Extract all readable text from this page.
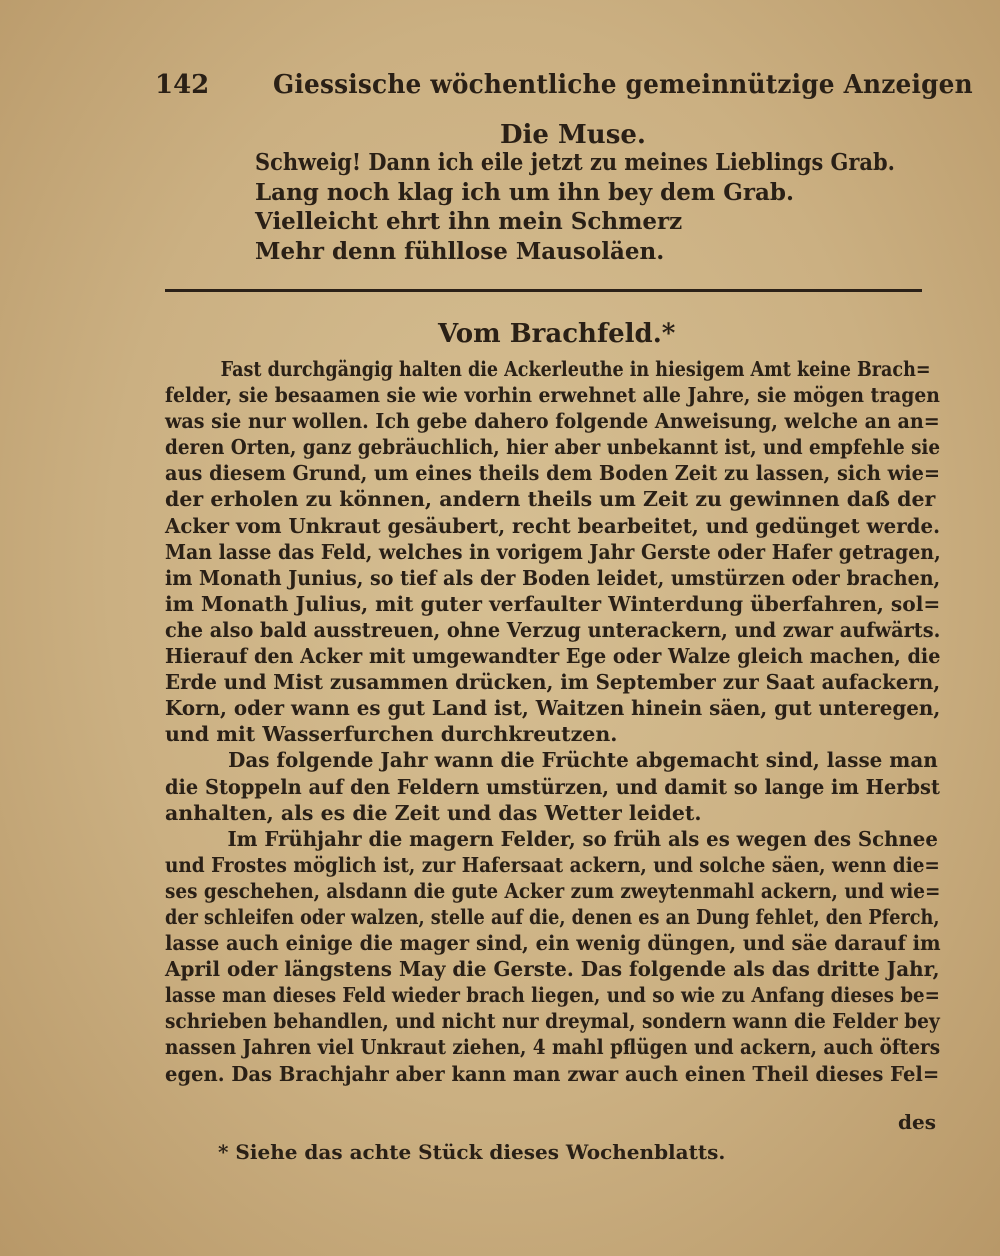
142 Giessische wöchentliche gemeinnützige Anzeigen
Die Muse.
Schweig! Dann ich eile jetzt zu meines Lieblings Grab.
Lang noch klag ich um ihn bey dem Grab.
Vielleicht ehrt ihn mein Schmerz
Mehr denn fühllose Mausoläen.
Vom Brachfeld.*
Fast durchgängig halten die Ackerleuthe in hiesigem Amt keine Brach=
felder, sie besaamen sie wie vorhin erwehnet alle Jahre, sie mögen tragen
was sie nur wollen. Ich gebe dahero folgende Anweisung, welche an an=
deren Orten, ganz gebräuchlich, hier aber unbekannt ist, und empfehle sie
aus diesem Grund, um eines theils dem Boden Zeit zu lassen, sich wie=
der erholen zu können, andern theils um Zeit zu gewinnen daß der
Acker vom Unkraut gesäubert, recht bearbeitet, und gedünget werde.
Man lasse das Feld, welches in vorigem Jahr Gerste oder Hafer getragen,
im Monath Junius, so tief als der Boden leidet, umstürzen oder brachen,
im Monath Julius, mit guter verfaulter Winterdung überfahren, sol=
che also bald ausstreuen, ohne Verzug unterackern, und zwar aufwärts.
Hierauf den Acker mit umgewandter Ege oder Walze gleich machen, die
Erde und Mist zusammen drücken, im September zur Saat aufackern,
Korn, oder wann es gut Land ist, Waitzen hinein säen, gut unteregen,
und mit Wasserfurchen durchkreutzen.
Das folgende Jahr wann die Früchte abgemacht sind, lasse man
die Stoppeln auf den Feldern umstürzen, und damit so lange im Herbst
anhalten, als es die Zeit und das Wetter leidet.
Im Frühjahr die magern Felder, so früh als es wegen des Schnee
und Frostes möglich ist, zur Hafersaat ackern, und solche säen, wenn die=
ses geschehen, alsdann die gute Acker zum zweytenmahl ackern, und wie=
der schleifen oder walzen, stelle auf die, denen es an Dung fehlet, den Pferch,
lasse auch einige die mager sind, ein wenig düngen, und säe darauf im
April oder längstens May die Gerste. Das folgende als das dritte Jahr,
lasse man dieses Feld wieder brach liegen, und so wie zu Anfang dieses be=
schrieben behandlen, und nicht nur dreymal, sondern wann die Felder bey
nassen Jahren viel Unkraut ziehen, 4 mahl pflügen und ackern, auch öfters
egen. Das Brachjahr aber kann man zwar auch einen Theil dieses Fel=
des
* Siehe das achte Stück dieses Wochenblatts.
